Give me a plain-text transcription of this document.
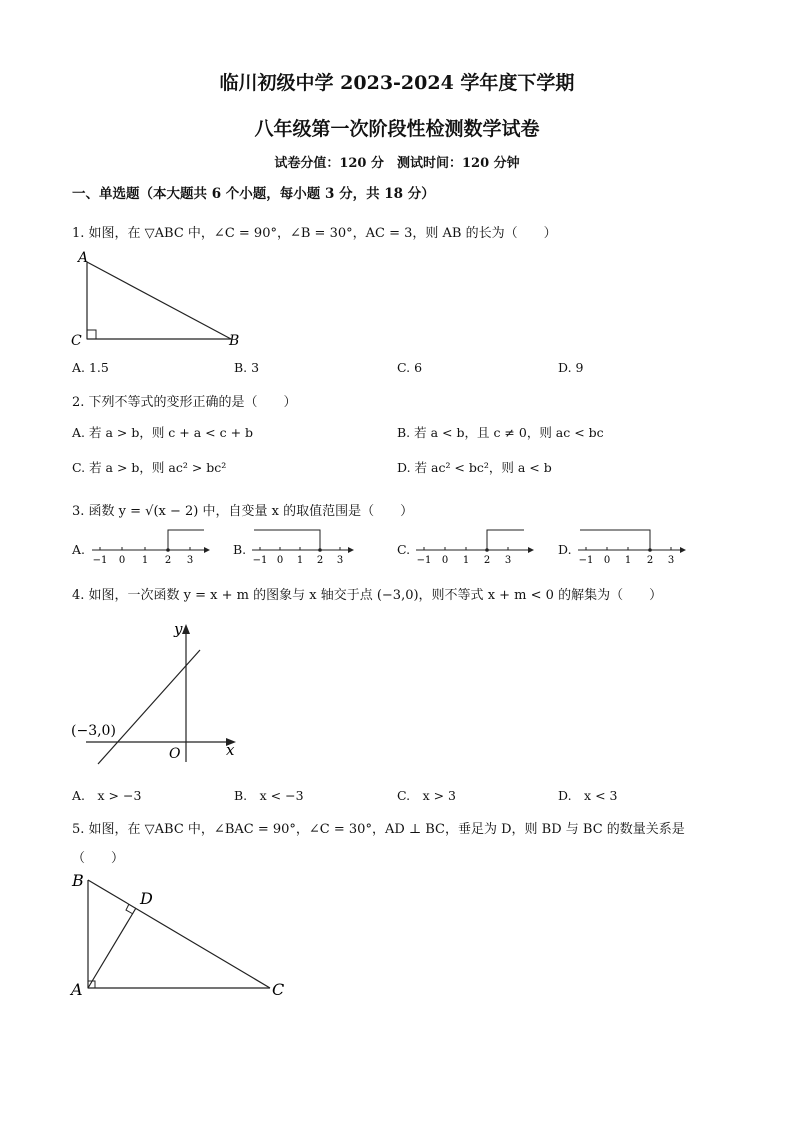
临川初级中学 2023-2024 学年度下学期
八年级第一次阶段性检测数学试卷
试卷分值：120 分　测试时间：120 分钟
一、单选题（本大题共 6 个小题，每小题 3 分，共 18 分）
1. 如图，在 ▽ABC 中，∠C = 90°，∠B = 30°，AC = 3，则 AB 的长为（　　）
A
C	B
A. 1.5	B. 3	C. 6	D. 9
2. 下列不等式的变形正确的是（　　）
A. 若 a > b，则 c + a < c + b	B. 若 a < b，且 c ≠ 0，则 ac < bc
C. 若 a > b，则 ac² > bc²	D. 若 ac² < bc²，则 a < b
3. 函数 y = √(x − 2) 中，自变量 x 的取值范围是（　　）
A.
−1 0 1 2 3
B.
−1 0 1 2 3
C.
−1 0 1 2 3
D.
−1 0 1 2 3
4. 如图，一次函数 y = x + m 的图象与 x 轴交于点 (−3,0)，则不等式 x + m < 0 的解集为（　　）
y
x
O
(−3,0)
A.　x > −3	B.　x < −3	C.　x > 3	D.　x < 3
5. 如图，在 ▽ABC 中，∠BAC = 90°，∠C = 30°，AD ⊥ BC，垂足为 D，则 BD 与 BC 的数量关系是
（　　）
B
D
A	C
